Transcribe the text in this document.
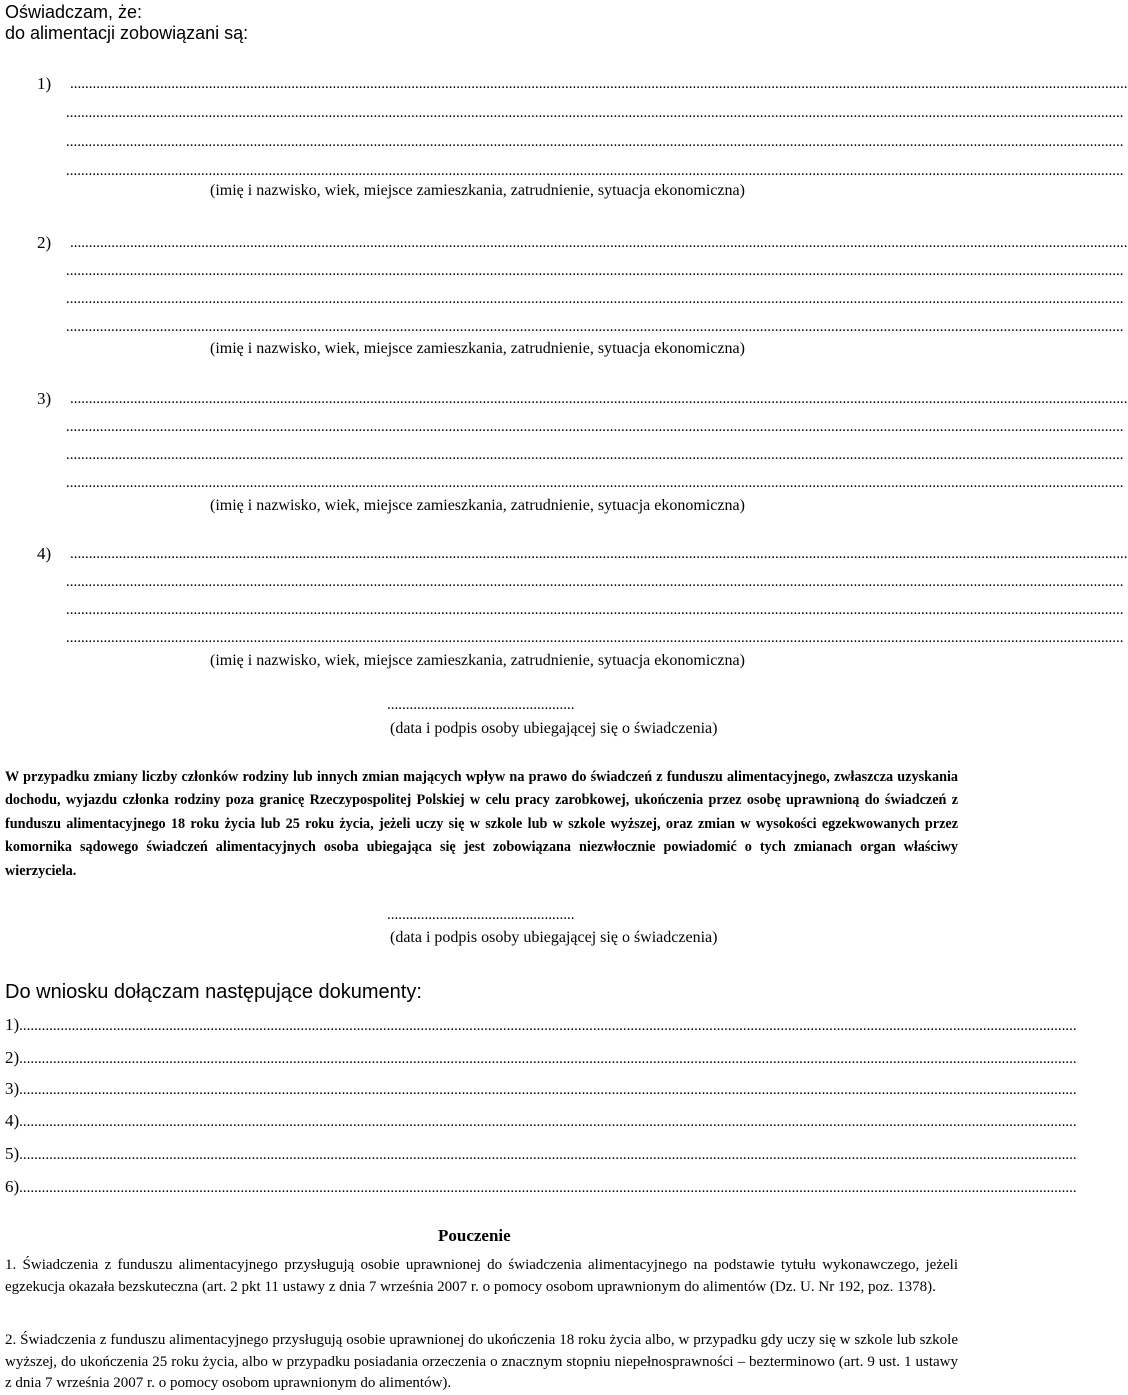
Oświadczam, że:
do alimentacji zobowiązani są:
1) ..........................................................................................................................................................................................................................................................................................
..........................................................................................................................................................................................................................................................................................
..........................................................................................................................................................................................................................................................................................
..........................................................................................................................................................................................................................................................................................
(imię i nazwisko, wiek, miejsce zamieszkania, zatrudnienie, sytuacja ekonomiczna)
2) ..........................................................................................................................................................................................................................................................................................
..........................................................................................................................................................................................................................................................................................
..........................................................................................................................................................................................................................................................................................
..........................................................................................................................................................................................................................................................................................
(imię i nazwisko, wiek, miejsce zamieszkania, zatrudnienie, sytuacja ekonomiczna)
3) ..........................................................................................................................................................................................................................................................................................
..........................................................................................................................................................................................................................................................................................
..........................................................................................................................................................................................................................................................................................
..........................................................................................................................................................................................................................................................................................
(imię i nazwisko, wiek, miejsce zamieszkania, zatrudnienie, sytuacja ekonomiczna)
4) ..........................................................................................................................................................................................................................................................................................
..........................................................................................................................................................................................................................................................................................
..........................................................................................................................................................................................................................................................................................
..........................................................................................................................................................................................................................................................................................
(imię i nazwisko, wiek, miejsce zamieszkania, zatrudnienie, sytuacja ekonomiczna)
..................................................
(data i podpis osoby ubiegającej się o świadczenia)
W przypadku zmiany liczby członków rodziny lub innych zmian mających wpływ na prawo do świadczeń z funduszu alimentacyjnego, zwłaszcza uzyskania dochodu, wyjazdu członka rodziny poza granicę Rzeczypospolitej Polskiej w celu pracy zarobkowej, ukończenia przez osobę uprawnioną do świadczeń z funduszu alimentacyjnego 18 roku życia lub 25 roku życia, jeżeli uczy się w szkole lub w szkole wyższej, oraz zmian w wysokości egzekwowanych przez komornika sądowego świadczeń alimentacyjnych osoba ubiegająca się jest zobowiązana niezwłocznie powiadomić o tych zmianach organ właściwy wierzyciela.
..................................................
(data i podpis osoby ubiegającej się o świadczenia)
Do wniosku dołączam następujące dokumenty:
1)..........................................................................................................................................................................................................................................................................................
2)..........................................................................................................................................................................................................................................................................................
3)..........................................................................................................................................................................................................................................................................................
4)..........................................................................................................................................................................................................................................................................................
5)..........................................................................................................................................................................................................................................................................................
6)..........................................................................................................................................................................................................................................................................................
Pouczenie
1. Świadczenia z funduszu alimentacyjnego przysługują osobie uprawnionej do świadczenia alimentacyjnego na podstawie tytułu wykonawczego, jeżeli egzekucja okazała bezskuteczna (art. 2 pkt 11 ustawy z dnia 7 września 2007 r. o pomocy osobom uprawnionym do alimentów (Dz. U. Nr 192, poz. 1378).
2. Świadczenia z funduszu alimentacyjnego przysługują osobie uprawnionej do ukończenia 18 roku życia albo, w przypadku gdy uczy się w szkole lub szkole wyższej, do ukończenia 25 roku życia, albo w przypadku posiadania orzeczenia o znacznym stopniu niepełnosprawności – bezterminowo (art. 9 ust. 1 ustawy z dnia 7 września 2007 r. o pomocy osobom uprawnionym do alimentów).
